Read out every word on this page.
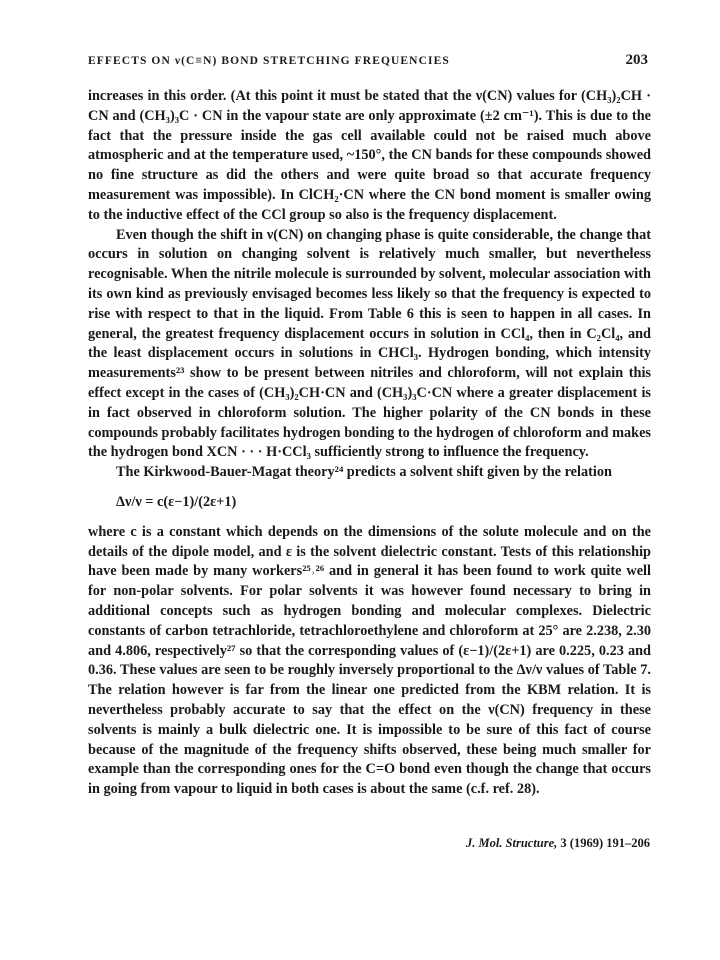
EFFECTS ON ν(C≡N) BOND STRETCHING FREQUENCIES	203

increases in this order. (At this point it must be stated that the ν(CN) values for (CH₃)₂CH · CN and (CH₃)₃C · CN in the vapour state are only approximate (±2 cm⁻¹). This is due to the fact that the pressure inside the gas cell available could not be raised much above atmospheric and at the temperature used, ~150°, the CN bands for these compounds showed no fine structure as did the others and were quite broad so that accurate frequency measurement was impossible). In ClCH₂·CN where the CN bond moment is smaller owing to the inductive effect of the CCl group so also is the frequency displacement.

Even though the shift in ν(CN) on changing phase is quite considerable, the change that occurs in solution on changing solvent is relatively much smaller, but nevertheless recognisable. When the nitrile molecule is surrounded by solvent, molecular association with its own kind as previously envisaged becomes less likely so that the frequency is expected to rise with respect to that in the liquid. From Table 6 this is seen to happen in all cases. In general, the greatest frequency displacement occurs in solution in CCl₄, then in C₂Cl₄, and the least displacement occurs in solutions in CHCl₃. Hydrogen bonding, which intensity measurements²³ show to be present between nitriles and chloroform, will not explain this effect except in the cases of (CH₃)₂CH·CN and (CH₃)₃C·CN where a greater displacement is in fact observed in chloroform solution. The higher polarity of the CN bonds in these compounds probably facilitates hydrogen bonding to the hydrogen of chloroform and makes the hydrogen bond XCN · · · H·CCl₃ sufficiently strong to influence the frequency.

The Kirkwood-Bauer-Magat theory²⁴ predicts a solvent shift given by the relation

Δν/ν = c(ε−1)/(2ε+1)

where c is a constant which depends on the dimensions of the solute molecule and on the details of the dipole model, and ε is the solvent dielectric constant. Tests of this relationship have been made by many workers²⁵˒²⁶ and in general it has been found to work quite well for non-polar solvents. For polar solvents it was however found necessary to bring in additional concepts such as hydrogen bonding and molecular complexes. Dielectric constants of carbon tetrachloride, tetrachloroethylene and chloroform at 25° are 2.238, 2.30 and 4.806, respectively²⁷ so that the corresponding values of (ε−1)/(2ε+1) are 0.225, 0.23 and 0.36. These values are seen to be roughly inversely proportional to the Δν/ν values of Table 7. The relation however is far from the linear one predicted from the KBM relation. It is nevertheless probably accurate to say that the effect on the ν(CN) frequency in these solvents is mainly a bulk dielectric one. It is impossible to be sure of this fact of course because of the magnitude of the frequency shifts observed, these being much smaller for example than the corresponding ones for the C=O bond even though the change that occurs in going from vapour to liquid in both cases is about the same (c.f. ref. 28).

J. Mol. Structure, 3 (1969) 191–206
